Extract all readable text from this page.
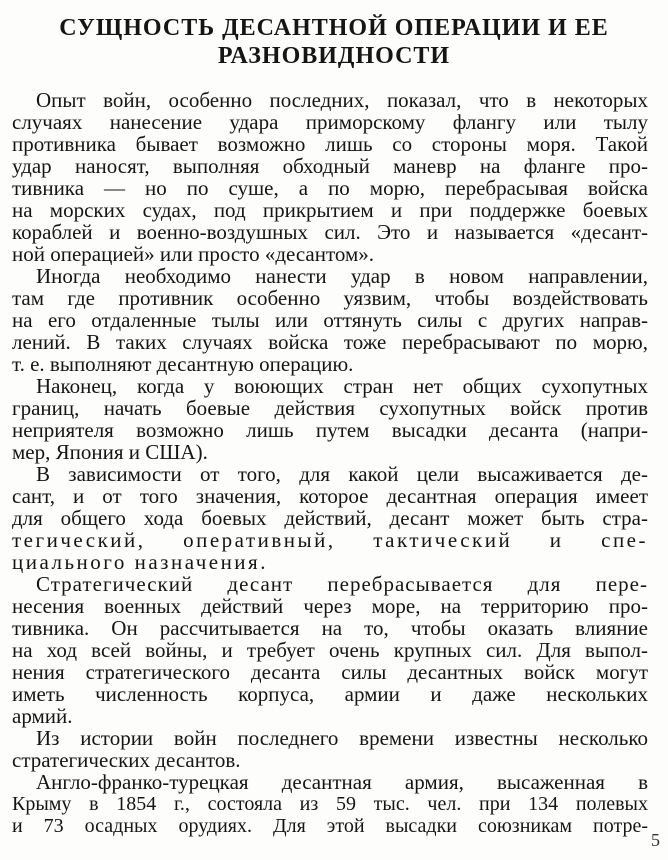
СУЩНОСТЬ ДЕСАНТНОЙ ОПЕРАЦИИ И ЕЕ
РАЗНОВИДНОСТИ
Опыт войн, особенно последних, показал, что в некоторых
случаях нанесение удара приморскому флангу или тылу
противника бывает возможно лишь со стороны моря. Такой
удар наносят, выполняя обходный маневр на фланге про-
тивника — но по суше, а по морю, перебрасывая войска
на морских судах, под прикрытием и при поддержке боевых
кораблей и военно-воздушных сил. Это и называется «десант-
ной операцией» или просто «десантом».
Иногда необходимо нанести удар в новом направлении,
там где противник особенно уязвим, чтобы воздействовать
на его отдаленные тылы или оттянуть силы с других направ-
лений. В таких случаях войска тоже перебрасывают по морю,
т. е. выполняют десантную операцию.
Наконец, когда у воюющих стран нет общих сухопутных
границ, начать боевые действия сухопутных войск против
неприятеля возможно лишь путем высадки десанта (напри-
мер, Япония и США).
В зависимости от того, для какой цели высаживается де-
сант, и от того значения, которое десантная операция имеет
для общего хода боевых действий, десант может быть стра-
тегический, оперативный, тактический и спе-
циального назначения.
Стратегический десант перебрасывается для пере-
несения военных действий через море, на территорию про-
тивника. Он рассчитывается на то, чтобы оказать влияние
на ход всей войны, и требует очень крупных сил. Для выпол-
нения стратегического десанта силы десантных войск могут
иметь численность корпуса, армии и даже нескольких
армий.
Из истории войн последнего времени известны несколько
стратегических десантов.
Англо-франко-турецкая десантная армия, высаженная в
Крыму в 1854 г., состояла из 59 тыс. чел. при 134 полевых
и 73 осадных орудиях. Для этой высадки союзникам потре-
5
